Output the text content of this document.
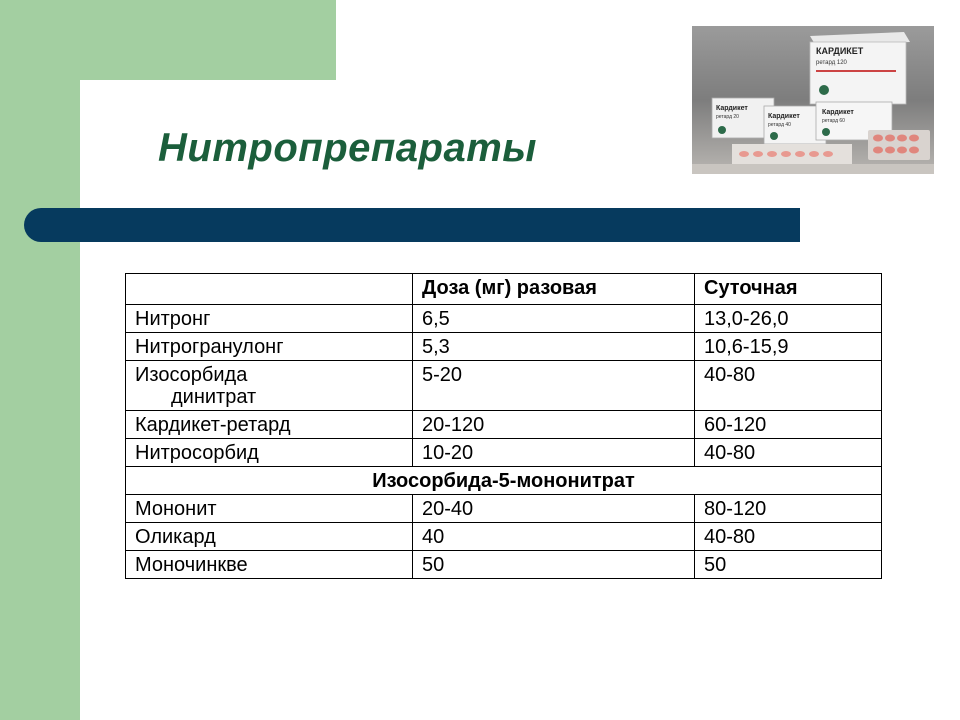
Нитропрепараты
КАРДИКЕТ
ретард 120
Кардикет
ретард 20	Кардикет
ретард 40
Кардикет
ретард 60
	Доза (мг) разовая	Суточная
Нитронг	6,5	13,0-26,0
Нитрогранулонг	5,3	10,6-15,9
Изосорбида
динитрат	5-20	40-80
Кардикет-ретард	20-120	60-120
Нитросорбид	10-20	40-80
Изосорбида-5-мононитрат		
Мононит	20-40	80-120
Оликард	40	40-80
Моночинкве	50	50
